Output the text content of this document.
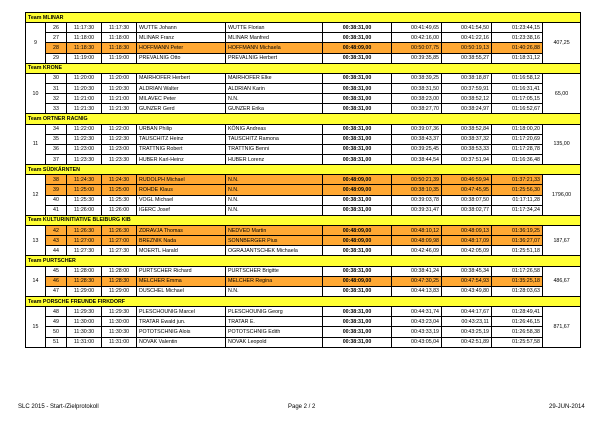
Team MLINAR										
9	26	11:17:30	11:17:30	WUTTE Johann	WUTTE Florian	00:38:31,00	00:41:49,65	00:41:54,50	01:23:44,15	407,25
	27	11:18:00	11:18:00	MLINAR Franz	MLINAR Manfred	00:38:31,00	00:42:16,00	00:41:22,16	01:23:38,16	
	28	11:18:30	11:18:30	HOFFMANN Peter	HOFFMANN Michaela	00:48:09,00	00:50:07,75	00:50:19,13	01:40:26,88	
	29	11:19:00	11:19:00	PREVALNIG Otto	PREVALNIG Herbert	00:38:31,00	00:39:35,85	00:38:55,27	01:18:31,12	
Team KRONE										
10	30	11:20:00	11:20:00	MAIRHOFER Herbert	MAIRHOFER Elke	00:38:31,00	00:38:39,25	00:38:18,87	01:16:58,12	65,00
	31	11:20:30	11:20:30	ALDRIAN Walter	ALDRIAN Karin	00:38:31,00	00:38:31,50	00:37:59,91	01:16:31,41	
	32	11:21:00	11:21:00	MILAVEC Peter	N.N.	00:38:31,00	00:38:23,00	00:38:52,12	01:17:05,15	
	33	11:21:30	11:21:30	GUNZER Gerd	GUNZER Erika	00:38:31,00	00:38:27,70	00:38:24,97	01:16:52,67	
Team ORTNER RACNIG										
11	34	11:22:00	11:22:00	URBAN Philip	KÖNIG Andreas	00:38:31,00	00:39:07,36	00:38:52,84	01:18:00,20	135,00
	35	11:22:30	11:22:30	TAUSCHITZ Heinz	TAUSCHITZ Ramona	00:38:31,00	00:38:43,37	00:38:37,32	01:17:20,69	
	36	11:23:00	11:23:00	TRATTNIG Robert	TRATTNIG Benni	00:38:31,00	00:39:25,45	00:38:53,33	01:17:28,78	
	37	11:23:30	11:23:30	HUBER Karl-Heinz	HUBER Lorenz	00:38:31,00	00:38:44,54	00:37:51,94	01:16:36,48	
Team SÜDKÄRNTEN										
12	38	11:24:30	11:24:30	RUDOLPH Michael	N.N.	00:48:09,00	00:50:21,39	00:46:59,94	01:37:21,33	1796,00
	39	11:25:00	11:25:00	ROHDE Klaus	N.N.	00:48:09,00	00:38:10,35	00:47:45,95	01:25:56,30	
	40	11:25:30	11:25:30	VOGL Michael	N.N.	00:38:31,00	00:39:03,78	00:38:07,50	01:17:11,28	
	41	11:26:00	11:26:00	IGERC Josef	N.N.	00:38:31,00	00:39:31,47	00:38:02,77	01:17:34,24	
Team KULTURINITIATIVE BLEIBURG KIB										
13	42	11:26:30	11:26:30	ZDRAVJA Thomas	NEDVED Martin	00:48:09,00	00:48:10,12	00:48:09,13	01:36:19,25	187,67
	43	11:27:00	11:27:00	BREZNIK Nada	SONNBERGER Pius	00:48:09,00	00:48:09,98	00:48:17,09	01:36:27,07	
	44	11:27:30	11:27:30	MOERTL Harald	OGRAJANTSCHEK Michaela	00:38:31,00	00:42:46,09	00:42:05,09	01:25:51,18	
Team PURTSCHER										
14	45	11:28:00	11:28:00	PURTSCHER Richard	PURTSCHER Brigitte	00:38:31,00	00:38:41,24	00:38:45,34	01:17:26,58	486,67
	46	11:28:30	11:28:30	MELCHER Emma	MELCHER Regina	00:48:09,00	00:47:30,25	00:47:54,93	01:35:25,18	
	47	11:29:00	11:29:00	DUSCHEL Michael	N.N.	00:38:31,00	00:44:13,83	00:43:49,80	01:28:03,63	
Team PORSCHE FREUNDE FIRKDORF										
15	48	11:29:30	11:29:30	PLESCHOUNIG Marcel	PLESCHOUNIG Georg	00:38:31,00	00:44:31,74	00:44:17,67	01:28:49,41	871,67
	49	11:30:00	11:30:00	TRATAR Ewald jun.	TRATAR E.	00:38:31,00	00:43:23,04	00:43:23,11	01:26:46,15	
	50	11:30:30	11:30:30	POTOTSCHNIG Alois	POTOTSCHNIG Edith	00:38:31,00	00:43:33,19	00:43:25,19	01:26:58,38	
	51	11:31:00	11:31:00	NOVAK Valentin	NOVAK Leopold	00:38:31,00	00:43:05,04	00:42:51,89	01:25:57,58	
SLC 2015 - Start-/Zielprotokoll	Page 2 / 2	29-JUN-2014
